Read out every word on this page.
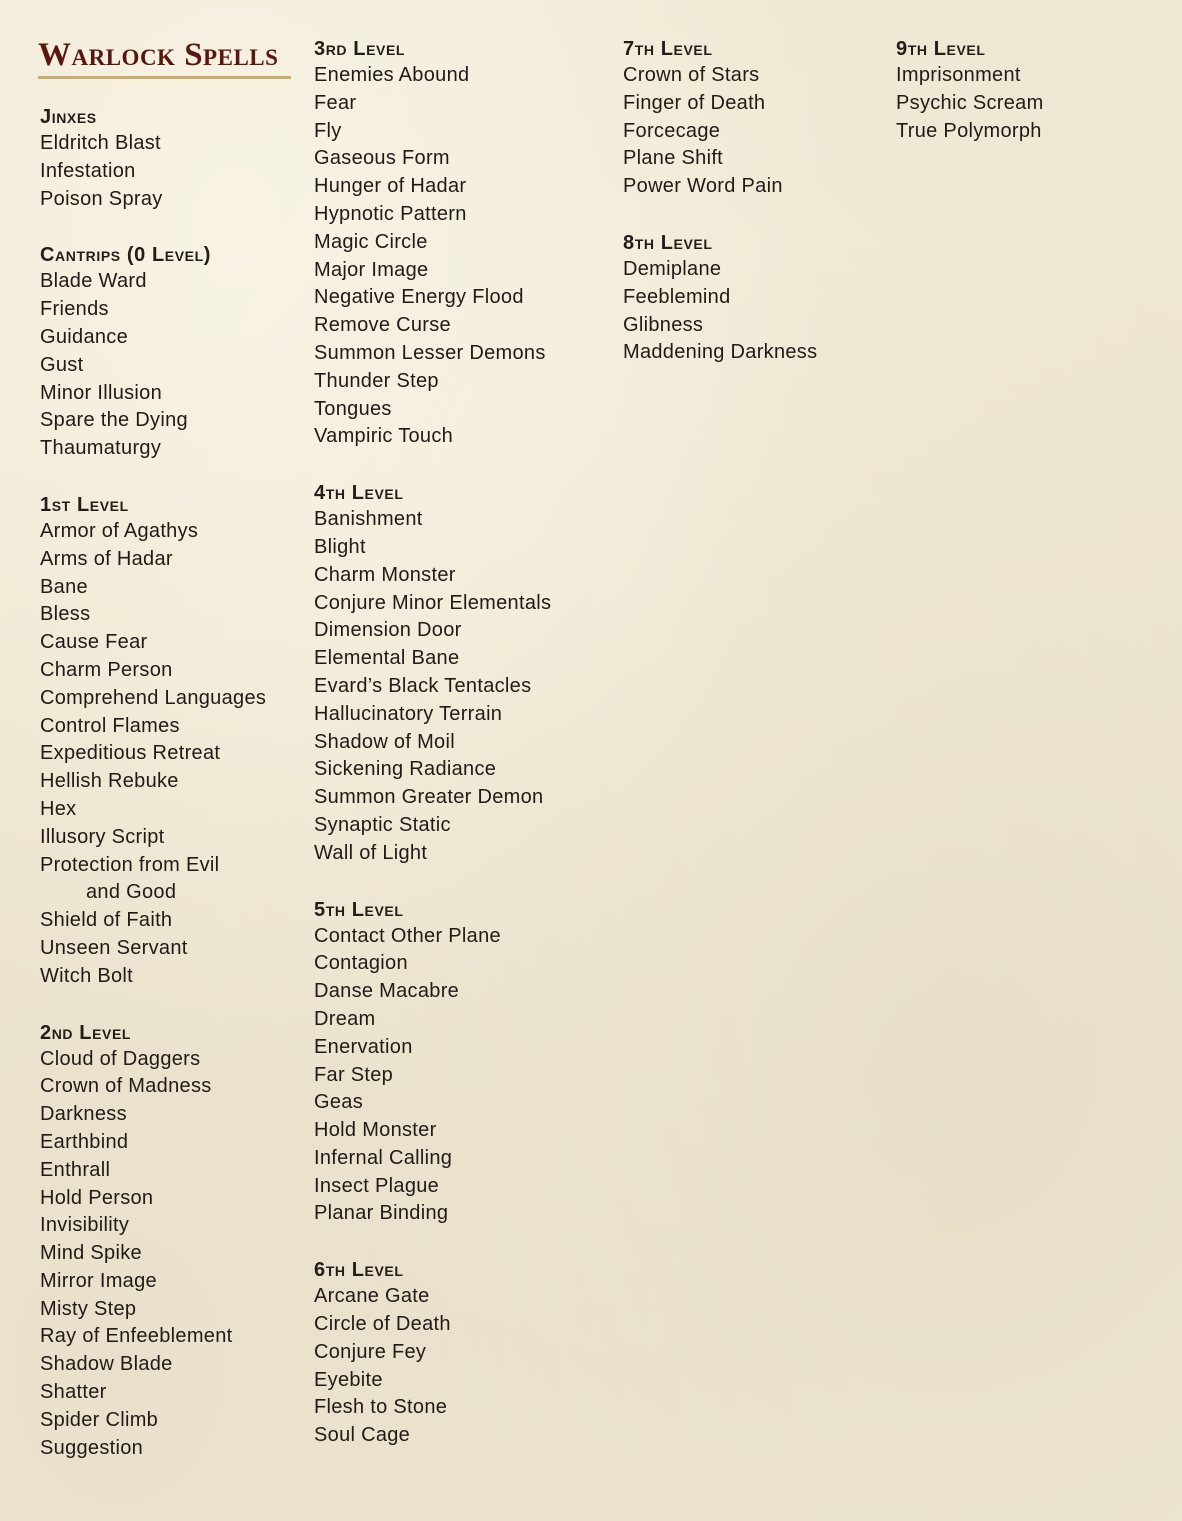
Warlock Spells
Jinxes
Eldritch Blast
Infestation
Poison Spray
Cantrips (0 Level)
Blade Ward
Friends
Guidance
Gust
Minor Illusion
Spare the Dying
Thaumaturgy
1st Level
Armor of Agathys
Arms of Hadar
Bane
Bless
Cause Fear
Charm Person
Comprehend Languages
Control Flames
Expeditious Retreat
Hellish Rebuke
Hex
Illusory Script
Protection from Evil
and Good
Shield of Faith
Unseen Servant
Witch Bolt
2nd Level
Cloud of Daggers
Crown of Madness
Darkness
Earthbind
Enthrall
Hold Person
Invisibility
Mind Spike
Mirror Image
Misty Step
Ray of Enfeeblement
Shadow Blade
Shatter
Spider Climb
Suggestion
3rd Level
Enemies Abound
Fear
Fly
Gaseous Form
Hunger of Hadar
Hypnotic Pattern
Magic Circle
Major Image
Negative Energy Flood
Remove Curse
Summon Lesser Demons
Thunder Step
Tongues
Vampiric Touch
4th Level
Banishment
Blight
Charm Monster
Conjure Minor Elementals
Dimension Door
Elemental Bane
Evard’s Black Tentacles
Hallucinatory Terrain
Shadow of Moil
Sickening Radiance
Summon Greater Demon
Synaptic Static
Wall of Light
5th Level
Contact Other Plane
Contagion
Danse Macabre
Dream
Enervation
Far Step
Geas
Hold Monster
Infernal Calling
Insect Plague
Planar Binding
6th Level
Arcane Gate
Circle of Death
Conjure Fey
Eyebite
Flesh to Stone
Soul Cage
7th Level
Crown of Stars
Finger of Death
Forcecage
Plane Shift
Power Word Pain
8th Level
Demiplane
Feeblemind
Glibness
Maddening Darkness
9th Level
Imprisonment
Psychic Scream
True Polymorph
